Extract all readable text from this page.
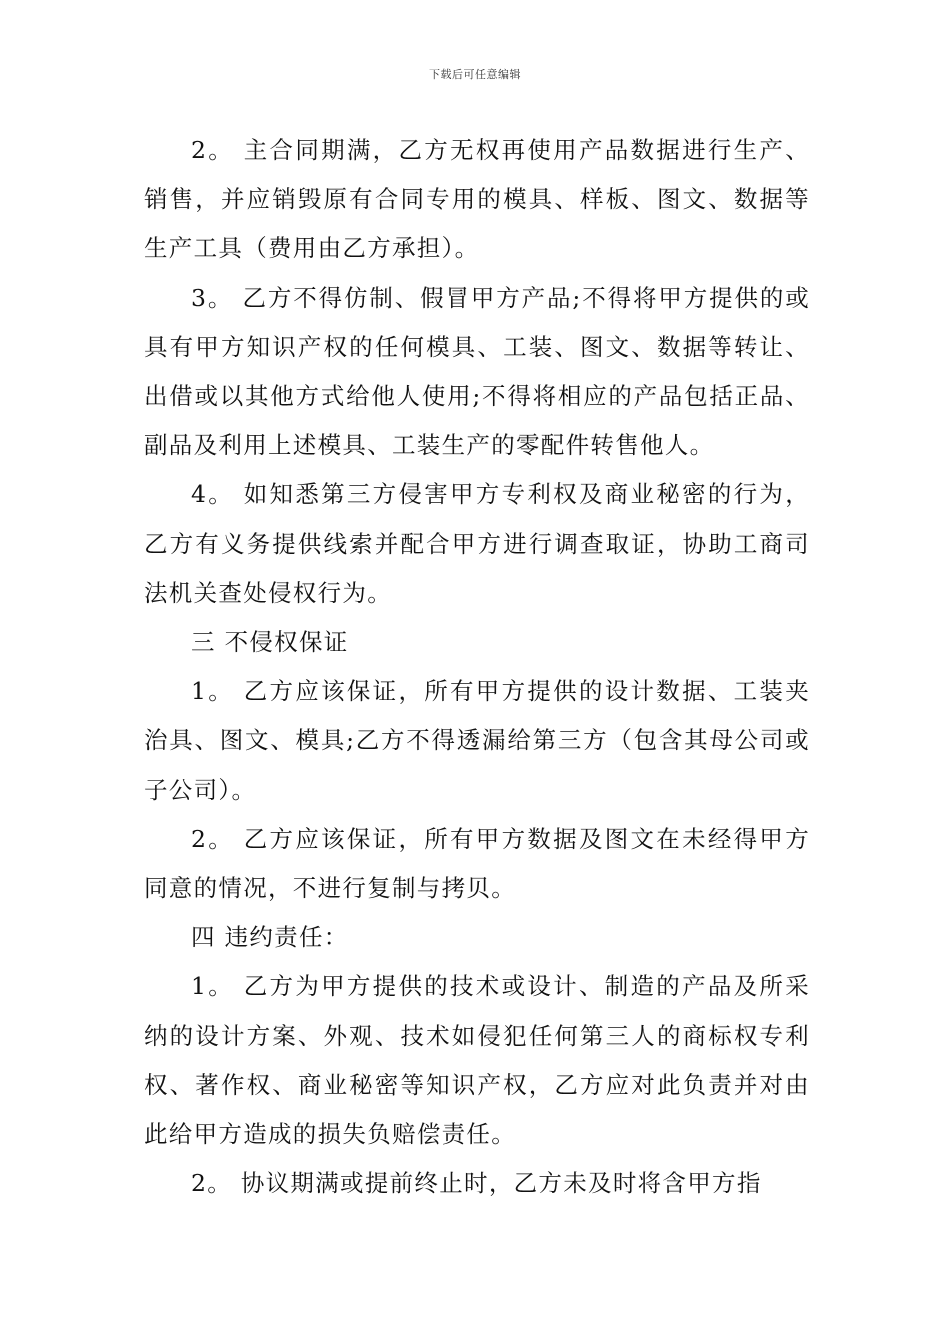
下载后可任意编辑

2。 主合同期满，乙方无权再使用产品数据进行生产、销售，并应销毁原有合同专用的模具、样板、图文、数据等生产工具（费用由乙方承担）。

3。 乙方不得仿制、假冒甲方产品;不得将甲方提供的或具有甲方知识产权的任何模具、工装、图文、数据等转让、出借或以其他方式给他人使用;不得将相应的产品包括正品、副品及利用上述模具、工装生产的零配件转售他人。

4。 如知悉第三方侵害甲方专利权及商业秘密的行为，乙方有义务提供线索并配合甲方进行调查取证，协助工商司法机关查处侵权行为。

三 不侵权保证

1。 乙方应该保证，所有甲方提供的设计数据、工装夹治具、图文、模具;乙方不得透漏给第三方（包含其母公司或子公司）。

2。 乙方应该保证，所有甲方数据及图文在未经得甲方同意的情况，不进行复制与拷贝。

四 违约责任：

1。 乙方为甲方提供的技术或设计、制造的产品及所采纳的设计方案、外观、技术如侵犯任何第三人的商标权专利权、著作权、商业秘密等知识产权，乙方应对此负责并对由此给甲方造成的损失负赔偿责任。

2。 协议期满或提前终止时，乙方未及时将含甲方指
